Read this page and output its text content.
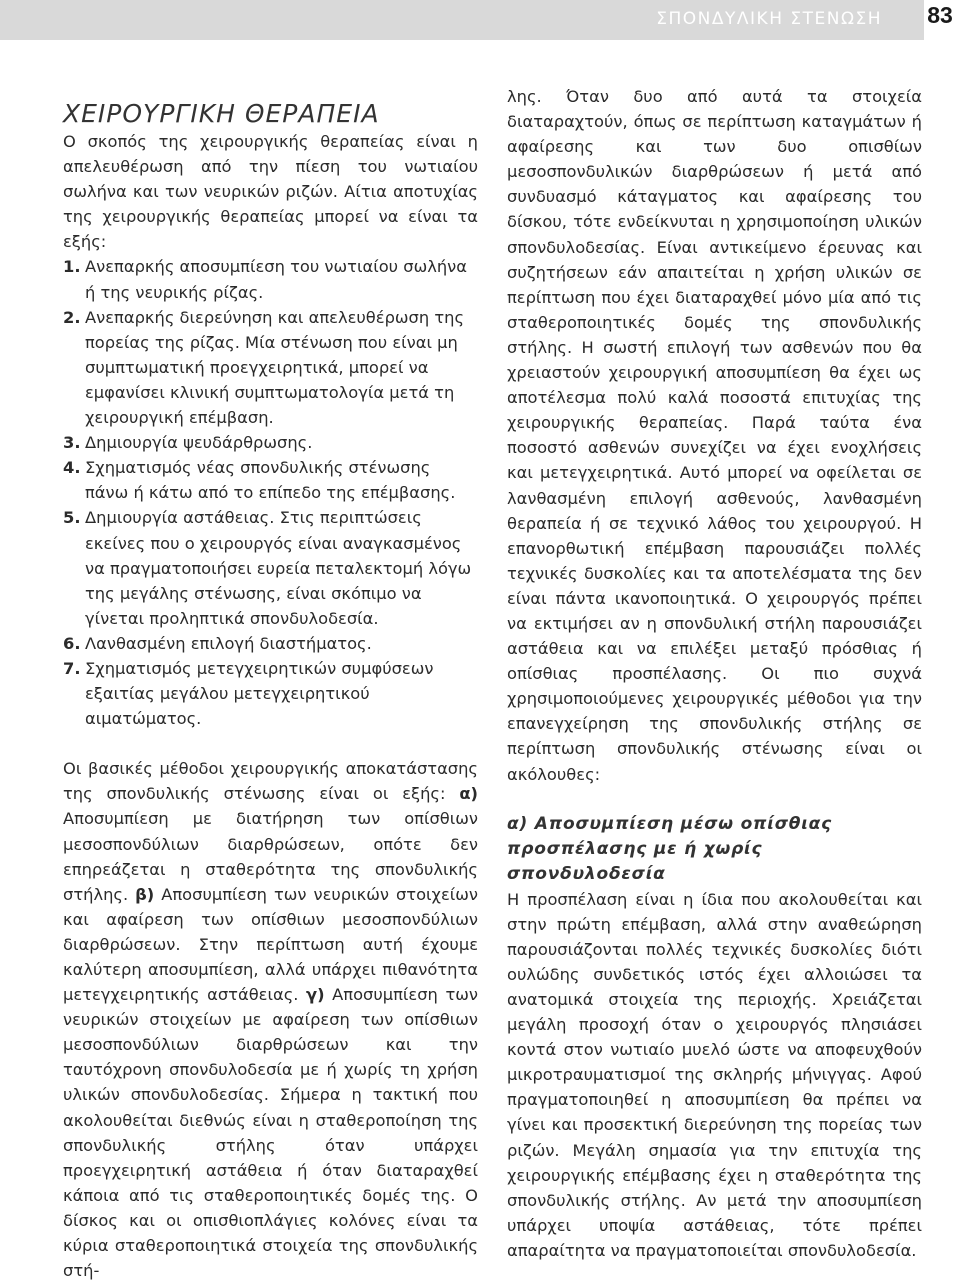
ΣΠΟΝΔΥΛΙΚΗ ΣΤΕΝΩΣΗ 83
ΧΕΙΡΟΥΡΓΙΚΗ ΘΕΡΑΠΕΙΑ

Ο σκοπός της χειρουργικής θεραπείας είναι η απελευθέρωση από την πίεση του νωτιαίου σωλήνα και των νευρικών ριζών. Αίτια αποτυχίας της χειρουργικής θεραπείας μπορεί να είναι τα εξής:

1. Ανεπαρκής αποσυμπίεση του νωτιαίου σωλήνα ή της νευρικής ρίζας.
2. Ανεπαρκής διερεύνηση και απελευθέρωση της πορείας της ρίζας. Μία στένωση που είναι μη συμπτωματική προεγχειρητικά, μπορεί να εμφανίσει κλινική συμπτωματολογία μετά τη χειρουργική επέμβαση.
3. Δημιουργία ψευδάρθρωσης.
4. Σχηματισμός νέας σπονδυλικής στένωσης πάνω ή κάτω από το επίπεδο της επέμβασης.
5. Δημιουργία αστάθειας. Στις περιπτώσεις εκείνες που ο χειρουργός είναι αναγκασμένος να πραγματοποιήσει ευρεία πεταλεκτομή λόγω της μεγάλης στένωσης, είναι σκόπιμο να γίνεται προληπτικά σπονδυλοδεσία.
6. Λανθασμένη επιλογή διαστήματος.
7. Σχηματισμός μετεγχειρητικών συμφύσεων εξαιτίας μεγάλου μετεγχειρητικού αιματώματος.

Οι βασικές μέθοδοι χειρουργικής αποκατάστασης της σπονδυλικής στένωσης είναι οι εξής: α) Αποσυμπίεση με διατήρηση των οπίσθιων μεσοσπονδύλιων διαρθρώσεων, οπότε δεν επηρεάζεται η σταθερότητα της σπονδυλικής στήλης. β) Αποσυμπίεση των νευρικών στοιχείων και αφαίρεση των οπίσθιων μεσοσπονδύλιων διαρθρώσεων. Στην περίπτωση αυτή έχουμε καλύτερη αποσυμπίεση, αλλά υπάρχει πιθανότητα μετεγχειρητικής αστάθειας. γ) Αποσυμπίεση των νευρικών στοιχείων με αφαίρεση των οπίσθιων μεσοσπονδύλιων διαρθρώσεων και την ταυτόχρονη σπονδυλοδεσία με ή χωρίς τη χρήση υλικών σπονδυλοδεσίας. Σήμερα η τακτική που ακολουθείται διεθνώς είναι η σταθεροποίηση της σπονδυλικής στήλης όταν υπάρχει προεγχειρητική αστάθεια ή όταν διαταραχθεί κάποια από τις σταθεροποιητικές δομές της. Ο δίσκος και οι οπισθιοπλάγιες κολόνες είναι τα κύρια σταθεροποιητικά στοιχεία της σπονδυλικής στή-

λης. Όταν δυο από αυτά τα στοιχεία διαταραχτούν, όπως σε περίπτωση καταγμάτων ή αφαίρεσης και των δυο οπισθίων μεσοσπονδυλικών διαρθρώσεων ή μετά από συνδυασμό κάταγματος και αφαίρεσης του δίσκου, τότε ενδείκνυται η χρησιμοποίηση υλικών σπονδυλοδεσίας. Είναι αντικείμενο έρευνας και συζητήσεων εάν απαιτείται η χρήση υλικών σε περίπτωση που έχει διαταραχθεί μόνο μία από τις σταθεροποιητικές δομές της σπονδυλικής στήλης. Η σωστή επιλογή των ασθενών που θα χρειαστούν χειρουργική αποσυμπίεση θα έχει ως αποτέλεσμα πολύ καλά ποσοστά επιτυχίας της χειρουργικής θεραπείας. Παρά ταύτα ένα ποσοστό ασθενών συνεχίζει να έχει ενοχλήσεις και μετεγχειρητικά. Αυτό μπορεί να οφείλεται σε λανθασμένη επιλογή ασθενούς, λανθασμένη θεραπεία ή σε τεχνικό λάθος του χειρουργού. Η επανορθωτική επέμβαση παρουσιάζει πολλές τεχνικές δυσκολίες και τα αποτελέσματα της δεν είναι πάντα ικανοποιητικά. Ο χειρουργός πρέπει να εκτιμήσει αν η σπονδυλική στήλη παρουσιάζει αστάθεια και να επιλέξει μεταξύ πρόσθιας ή οπίσθιας προσπέλασης. Οι πιο συχνά χρησιμοποιούμενες χειρουργικές μέθοδοι για την επανεγχείρηση της σπονδυλικής στήλης σε περίπτωση σπονδυλικής στένωσης είναι οι ακόλουθες:

α) Αποσυμπίεση μέσω οπίσθιας προσπέλασης με ή χωρίς σπονδυλοδεσία

Η προσπέλαση είναι η ίδια που ακολουθείται και στην πρώτη επέμβαση, αλλά στην αναθεώρηση παρουσιάζονται πολλές τεχνικές δυσκολίες διότι ουλώδης συνδετικός ιστός έχει αλλοιώσει τα ανατομικά στοιχεία της περιοχής. Χρειάζεται μεγάλη προσοχή όταν ο χειρουργός πλησιάσει κοντά στον νωτιαίο μυελό ώστε να αποφευχθούν μικροτραυματισμοί της σκληρής μήνιγγας. Αφού πραγματοποιηθεί η αποσυμπίεση θα πρέπει να γίνει και προσεκτική διερεύνηση της πορείας των ριζών. Μεγάλη σημασία για την επιτυχία της χειρουργικής επέμβασης έχει η σταθερότητα της σπονδυλικής στήλης. Αν μετά την αποσυμπίεση υπάρχει υποψία αστάθειας, τότε πρέπει απαραίτητα να πραγματοποιείται σπονδυλοδεσία.
